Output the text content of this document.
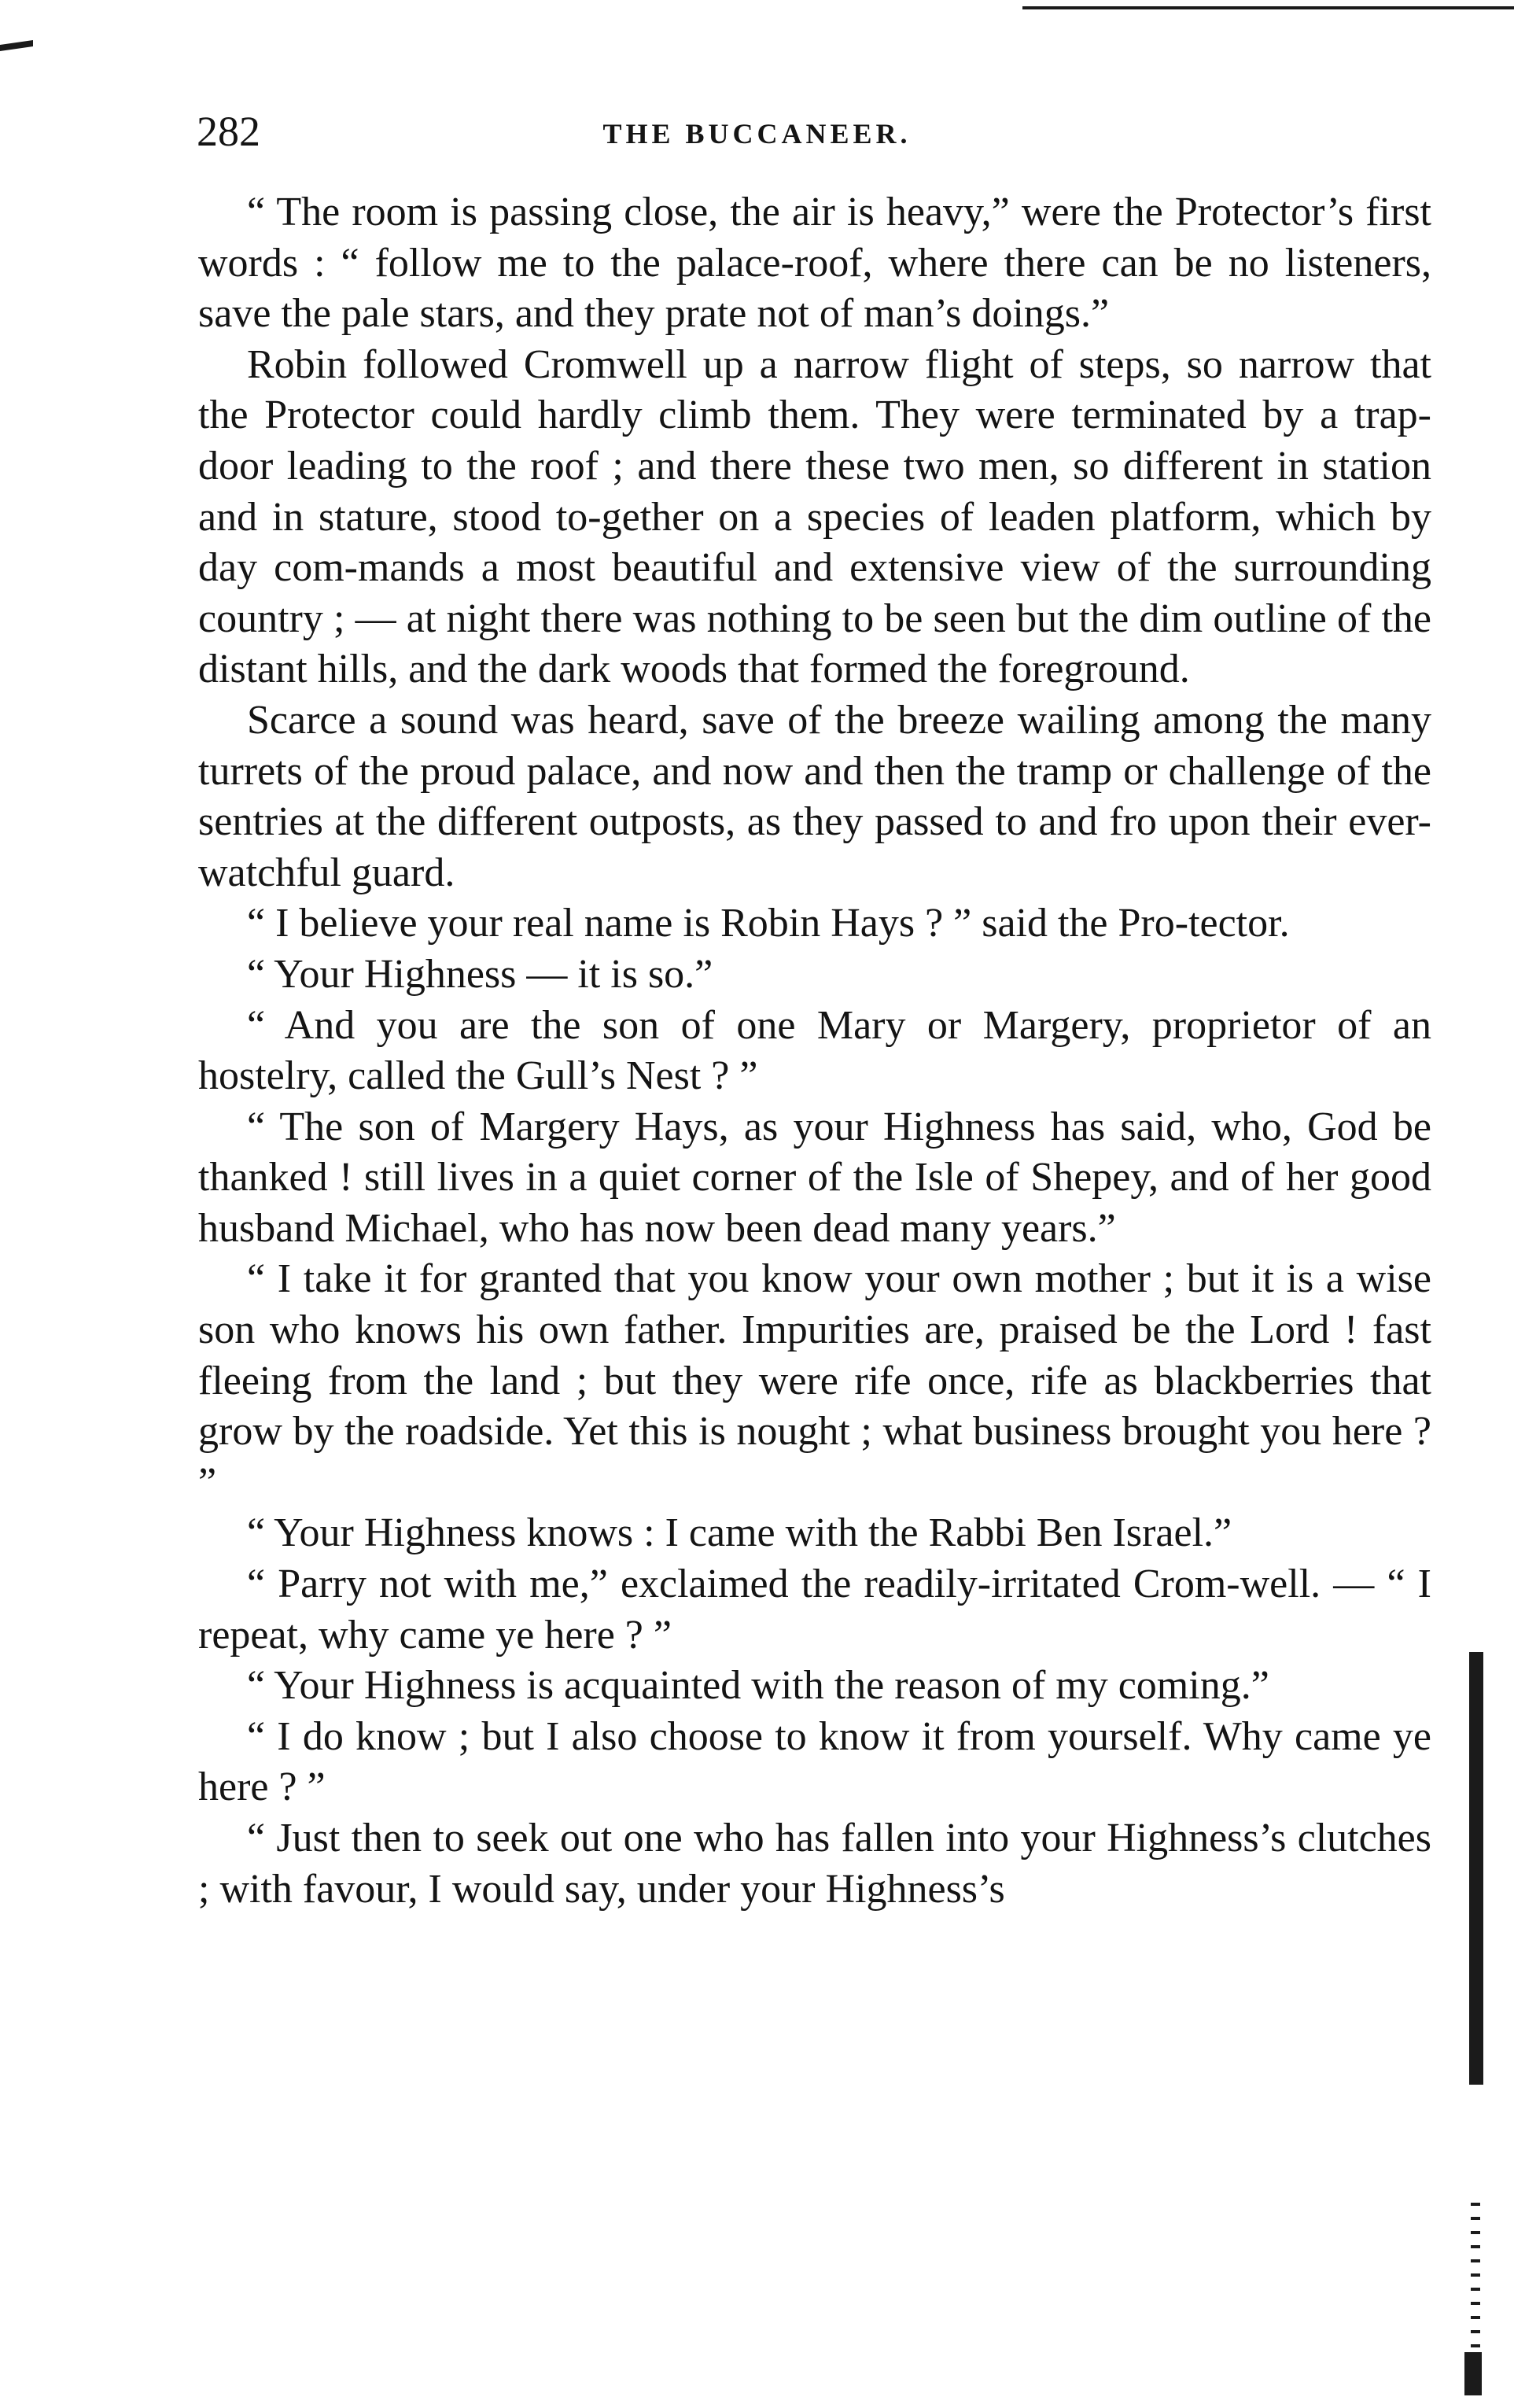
282	THE BUCCANEER.

“ The room is passing close, the air is heavy,” were the Protector’s first words : “ follow me to the palace-roof, where there can be no listeners, save the pale stars, and they prate not of man’s doings.”

Robin followed Cromwell up a narrow flight of steps, so narrow that the Protector could hardly climb them. They were terminated by a trap-door leading to the roof ; and there these two men, so different in station and in stature, stood to-gether on a species of leaden platform, which by day com-mands a most beautiful and extensive view of the surrounding country ; — at night there was nothing to be seen but the dim outline of the distant hills, and the dark woods that formed the foreground.

Scarce a sound was heard, save of the breeze wailing among the many turrets of the proud palace, and now and then the tramp or challenge of the sentries at the different outposts, as they passed to and fro upon their ever-watchful guard.

“ I believe your real name is Robin Hays ? ” said the Pro-tector.

“ Your Highness — it is so.”

“ And you are the son of one Mary or Margery, proprietor of an hostelry, called the Gull’s Nest ? ”

“ The son of Margery Hays, as your Highness has said, who, God be thanked ! still lives in a quiet corner of the Isle of Shepey, and of her good husband Michael, who has now been dead many years.”

“ I take it for granted that you know your own mother ; but it is a wise son who knows his own father. Impurities are, praised be the Lord ! fast fleeing from the land ; but they were rife once, rife as blackberries that grow by the roadside. Yet this is nought ; what business brought you here ? ”

“ Your Highness knows : I came with the Rabbi Ben Israel.”

“ Parry not with me,” exclaimed the readily-irritated Crom-well. — “ I repeat, why came ye here ? ”

“ Your Highness is acquainted with the reason of my coming.”

“ I do know ; but I also choose to know it from yourself. Why came ye here ? ”

“ Just then to seek out one who has fallen into your Highness’s clutches ; with favour, I would say, under your Highness’s
